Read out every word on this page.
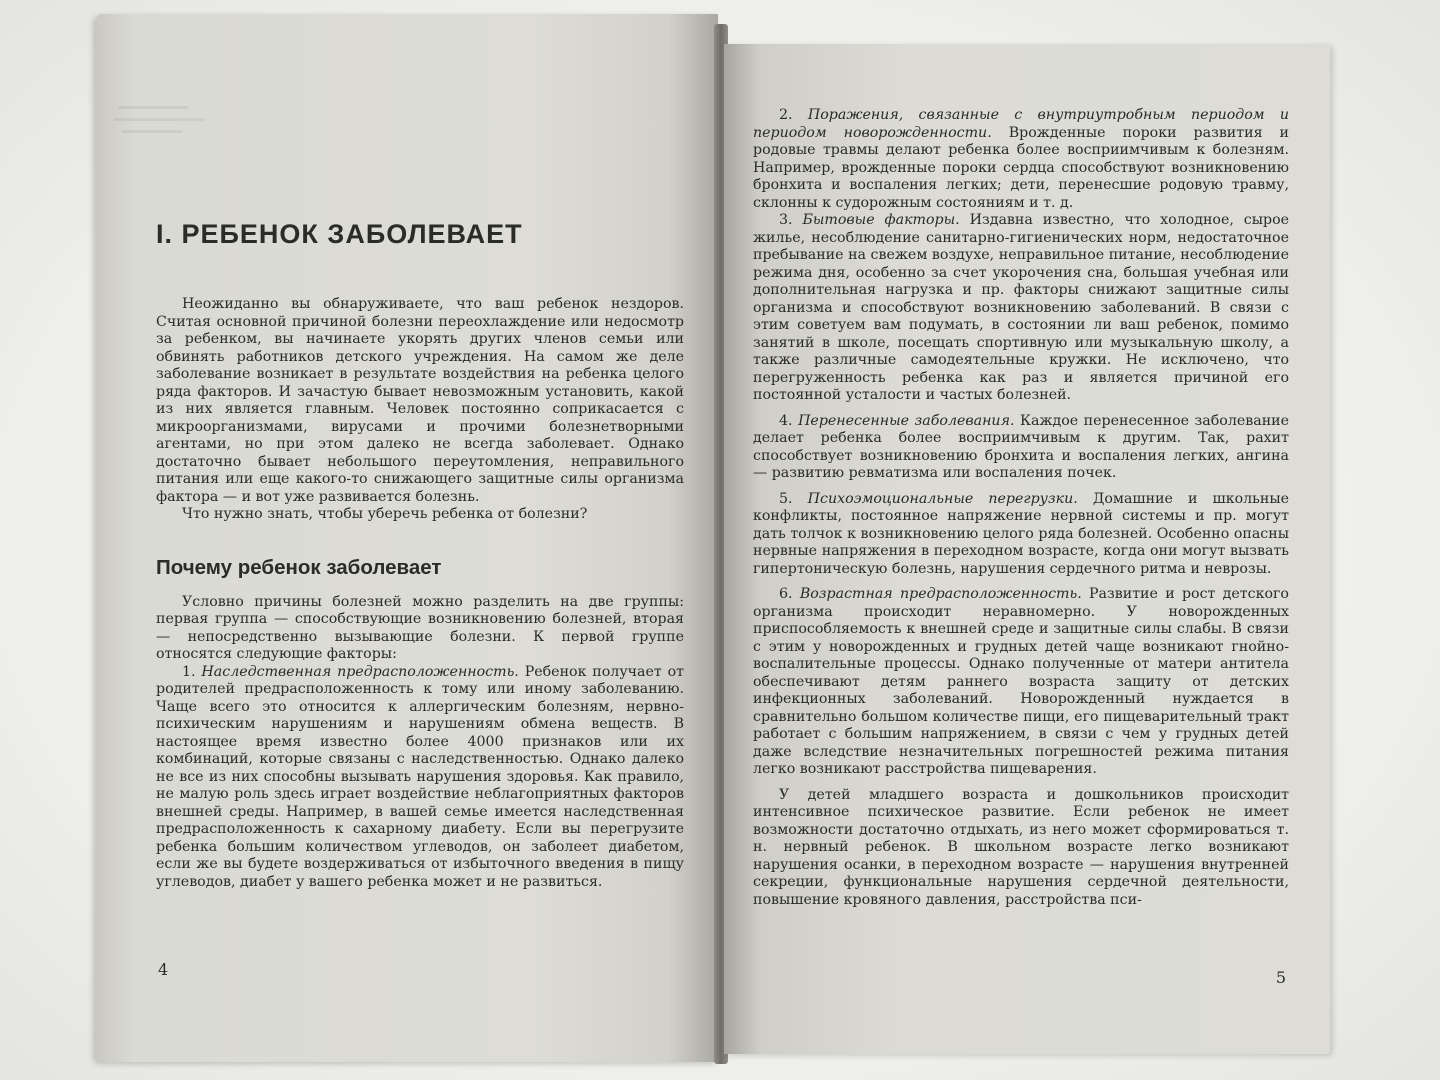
I. РЕБЕНОК ЗАБОЛЕВАЕТ

Неожиданно вы обнаруживаете, что ваш ребенок нездоров. Считая основной причиной болезни переохлаждение или недосмотр за ребенком, вы начинаете укорять других членов семьи или обвинять работников детского учреждения. На самом же деле заболевание возникает в результате воздействия на ребенка целого ряда факторов. И зачастую бывает невозможным установить, какой из них является главным. Человек постоянно соприкасается с микроорганизмами, вирусами и прочими болезнетворными агентами, но при этом далеко не всегда заболевает. Однако достаточно бывает небольшого переутомления, неправильного питания или еще какого-то снижающего защитные силы организма фактора — и вот уже развивается болезнь.

Что нужно знать, чтобы уберечь ребенка от болезни?

Почему ребенок заболевает

Условно причины болезней можно разделить на две группы: первая группа — способствующие возникновению болезней, вторая — непосредственно вызывающие болезни. К первой группе относятся следующие факторы:

1. Наследственная предрасположенность. Ребенок получает от родителей предрасположенность к тому или иному заболеванию. Чаще всего это относится к аллергическим болезням, нервно-психическим нарушениям и нарушениям обмена веществ. В настоящее время известно более 4000 признаков или их комбинаций, которые связаны с наследственностью. Однако далеко не все из них способны вызывать нарушения здоровья. Как правило, не малую роль здесь играет воздействие неблагоприятных факторов внешней среды. Например, в вашей семье имеется наследственная предрасположенность к сахарному диабету. Если вы перегрузите ребенка большим количеством углеводов, он заболеет диабетом, если же вы будете воздерживаться от избыточного введения в пищу углеводов, диабет у вашего ребенка может и не развиться.

4

2. Поражения, связанные с внутриутробным периодом и периодом новорожденности. Врожденные пороки развития и родовые травмы делают ребенка более восприимчивым к болезням. Например, врожденные пороки сердца способствуют возникновению бронхита и воспаления легких; дети, перенесшие родовую травму, склонны к судорожным состояниям и т. д.

3. Бытовые факторы. Издавна известно, что холодное, сырое жилье, несоблюдение санитарно-гигиенических норм, недостаточное пребывание на свежем воздухе, неправильное питание, несоблюдение режима дня, особенно за счет укорочения сна, большая учебная или дополнительная нагрузка и пр. факторы снижают защитные силы организма и способствуют возникновению заболеваний. В связи с этим советуем вам подумать, в состоянии ли ваш ребенок, помимо занятий в школе, посещать спортивную или музыкальную школу, а также различные самодеятельные кружки. Не исключено, что перегруженность ребенка как раз и является причиной его постоянной усталости и частых болезней.

4. Перенесенные заболевания. Каждое перенесенное заболевание делает ребенка более восприимчивым к другим. Так, рахит способствует возникновению бронхита и воспаления легких, ангина — развитию ревматизма или воспаления почек.

5. Психоэмоциональные перегрузки. Домашние и школьные конфликты, постоянное напряжение нервной системы и пр. могут дать толчок к возникновению целого ряда болезней. Особенно опасны нервные напряжения в переходном возрасте, когда они могут вызвать гипертоническую болезнь, нарушения сердечного ритма и неврозы.

6. Возрастная предрасположенность. Развитие и рост детского организма происходит неравномерно. У новорожденных приспособляемость к внешней среде и защитные силы слабы. В связи с этим у новорожденных и грудных детей чаще возникают гнойно-воспалительные процессы. Однако полученные от матери антитела обеспечивают детям раннего возраста защиту от детских инфекционных заболеваний. Новорожденный нуждается в сравнительно большом количестве пищи, его пищеварительный тракт работает с большим напряжением, в связи с чем у грудных детей даже вследствие незначительных погрешностей режима питания легко возникают расстройства пищеварения.

У детей младшего возраста и дошкольников происходит интенсивное психическое развитие. Если ребенок не имеет возможности достаточно отдыхать, из него может сформироваться т. н. нервный ребенок. В школьном возрасте легко возникают нарушения осанки, в переходном возрасте — нарушения внутренней секреции, функциональные нарушения сердечной деятельности, повышение кровяного давления, расстройства пси-

5
